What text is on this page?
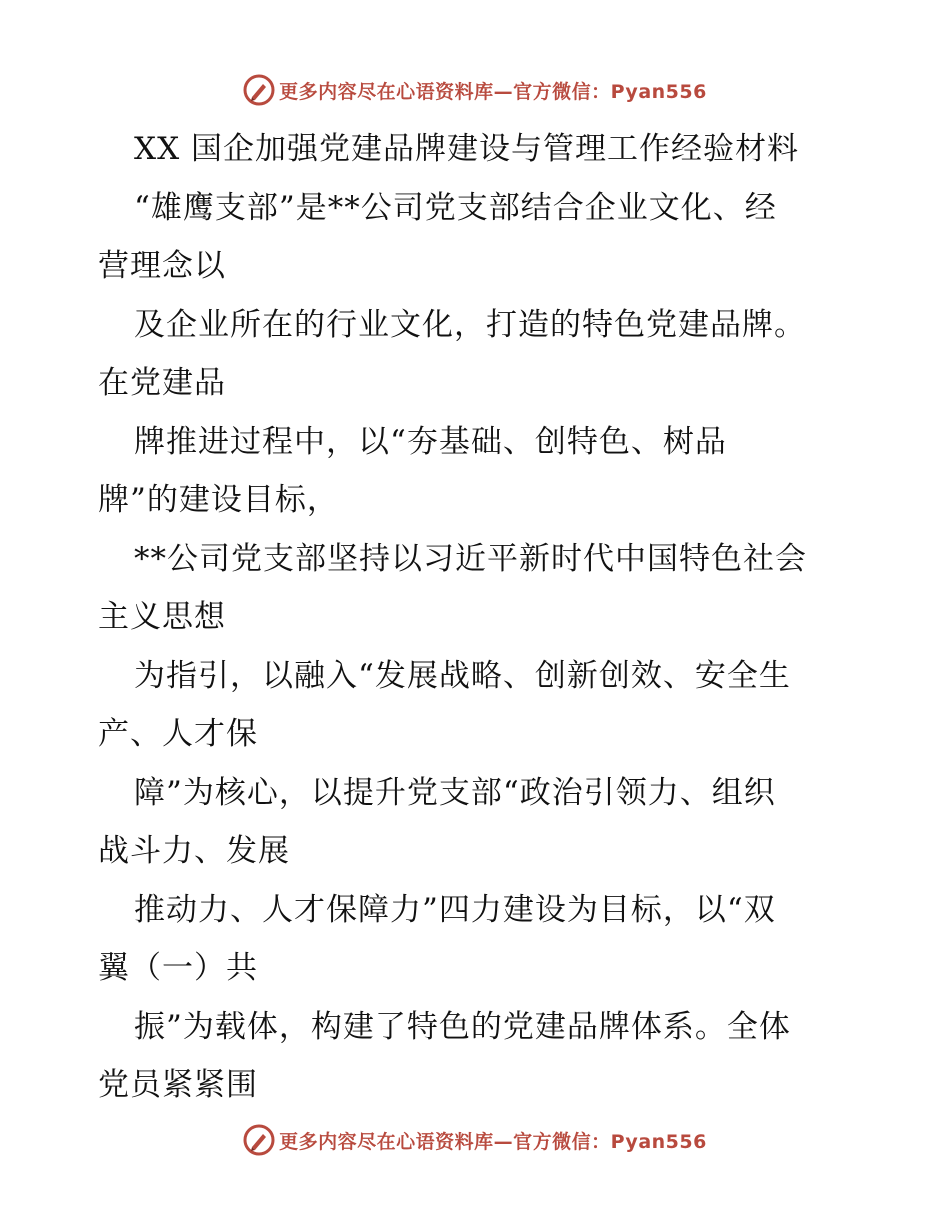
更多内容尽在心语资料库—官方微信：Pyan556
XX 国企加强党建品牌建设与管理工作经验材料
“雄鹰支部”是**公司党支部结合企业文化、经
营理念以
及企业所在的行业文化，打造的特色党建品牌。
在党建品
牌推进过程中，以“夯基础、创特色、树品
牌”的建设目标，
**公司党支部坚持以习近平新时代中国特色社会
主义思想
为指引，以融入“发展战略、创新创效、安全生
产、人才保
障”为核心，以提升党支部“政治引领力、组织
战斗力、发展
推动力、人才保障力”四力建设为目标，以“双
翼（一）共
振”为载体，构建了特色的党建品牌体系。全体
党员紧紧围
更多内容尽在心语资料库—官方微信：Pyan556
